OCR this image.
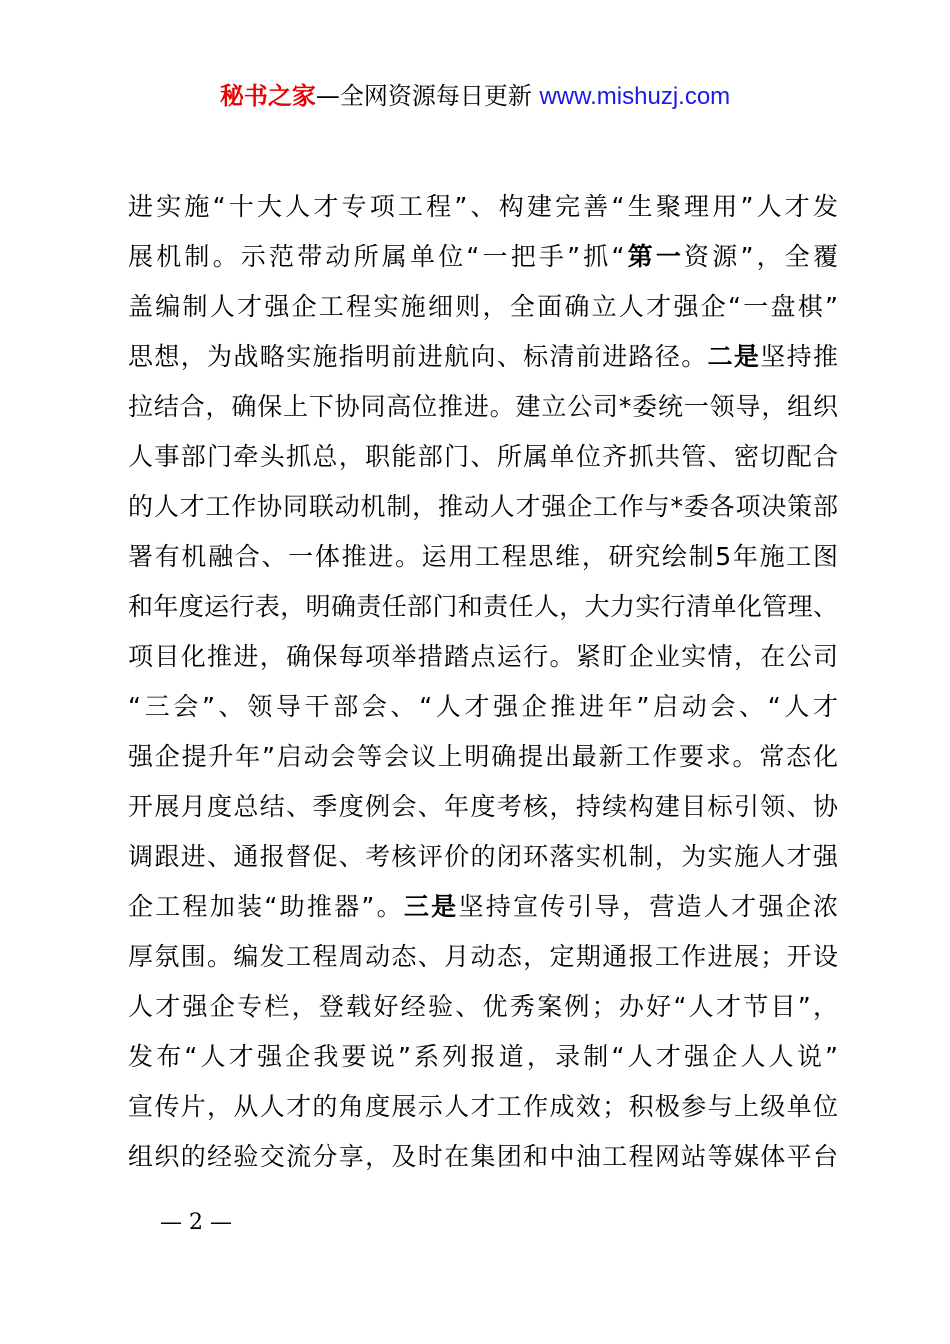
秘书之家—全网资源每日更新 www.mishuzj.com
进实施“十大人才专项工程”、构建完善“生聚理用”人才发
展机制。示范带动所属单位“一把手”抓“第一资源”，全覆
盖编制人才强企工程实施细则，全面确立人才强企“一盘棋”
思想，为战略实施指明前进航向、标清前进路径。二是坚持推
拉结合，确保上下协同高位推进。建立公司*委统一领导，组织
人事部门牵头抓总，职能部门、所属单位齐抓共管、密切配合
的人才工作协同联动机制，推动人才强企工作与*委各项决策部
署有机融合、一体推进。运用工程思维，研究绘制5年施工图
和年度运行表，明确责任部门和责任人，大力实行清单化管理、
项目化推进，确保每项举措踏点运行。紧盯企业实情，在公司
“三会”、领导干部会、“人才强企推进年”启动会、“人才
强企提升年”启动会等会议上明确提出最新工作要求。常态化
开展月度总结、季度例会、年度考核，持续构建目标引领、协
调跟进、通报督促、考核评价的闭环落实机制，为实施人才强
企工程加装“助推器”。三是坚持宣传引导，营造人才强企浓
厚氛围。编发工程周动态、月动态，定期通报工作进展；开设
人才强企专栏，登载好经验、优秀案例；办好“人才节目”，
发布“人才强企我要说”系列报道，录制“人才强企人人说”
宣传片，从人才的角度展示人才工作成效；积极参与上级单位
组织的经验交流分享，及时在集团和中油工程网站等媒体平台
— 2 —
